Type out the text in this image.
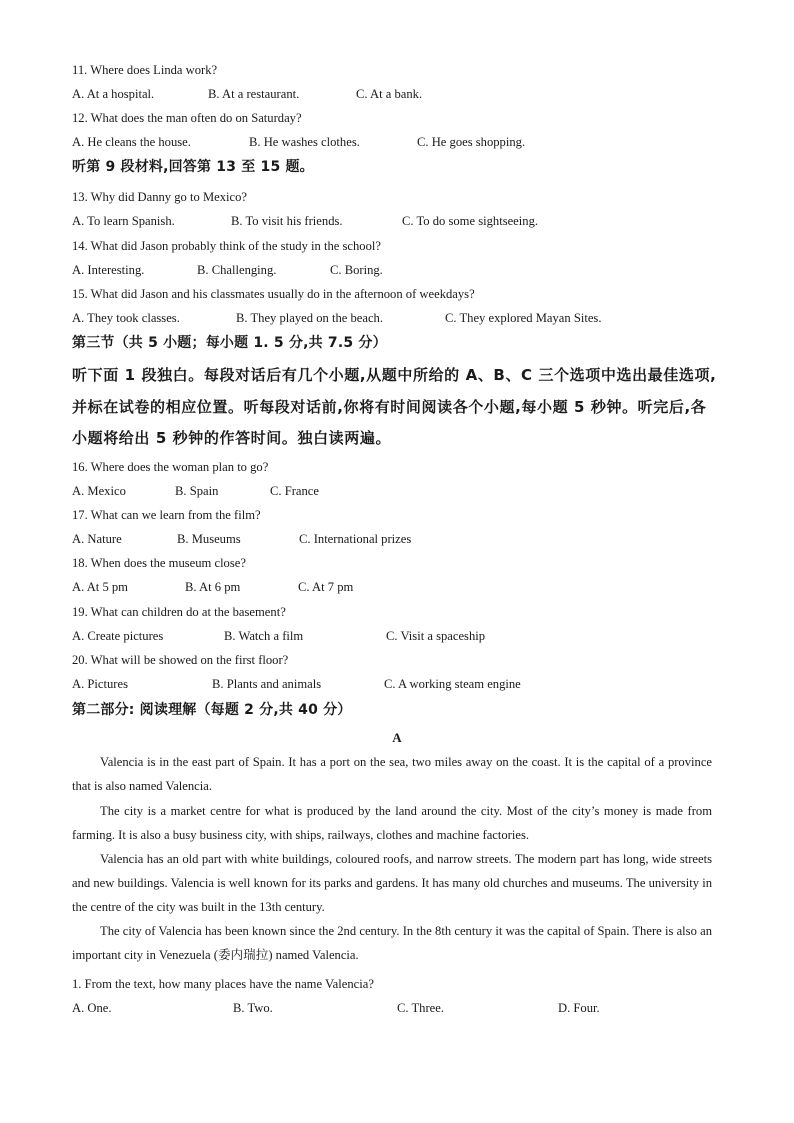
11. Where does Linda work?
A. At a hospital.	B. At a restaurant.	C. At a bank.
12. What does the man often do on Saturday?
A. He cleans the house.	B. He washes clothes.	C. He goes shopping.
听第 9 段材料,回答第 13 至 15 题。
13. Why did Danny go to Mexico?
A. To learn Spanish.	B. To visit his friends.	C. To do some sightseeing.
14. What did Jason probably think of the study in the school?
A. Interesting.	B. Challenging.	C. Boring.
15. What did Jason and his classmates usually do in the afternoon of weekdays?
A. They took classes.	B. They played on the beach.	C. They explored Mayan Sites.
第三节（共 5 小题；每小题 1. 5 分,共 7.5 分）
听下面 1 段独白。每段对话后有几个小题,从题中所给的 A、B、C 三个选项中选出最佳选项,
并标在试卷的相应位置。听每段对话前,你将有时间阅读各个小题,每小题 5 秒钟。听完后,各
小题将给出 5 秒钟的作答时间。独白读两遍。
16. Where does the woman plan to go?
A. Mexico	B. Spain	C. France
17. What can we learn from the film?
A. Nature	B. Museums	C. International prizes
18. When does the museum close?
A. At 5 pm	B. At 6 pm	C. At 7 pm
19. What can children do at the basement?
A. Create pictures	B. Watch a film	C. Visit a spaceship
20. What will be showed on the first floor?
A. Pictures	B. Plants and animals	C. A working steam engine
第二部分: 阅读理解（每题 2 分,共 40 分）
A
Valencia is in the east part of Spain. It has a port on the sea, two miles away on the coast. It is the capital of a province that is also named Valencia.
The city is a market centre for what is produced by the land around the city. Most of the city’s money is made from farming. It is also a busy business city, with ships, railways, clothes and machine factories.
Valencia has an old part with white buildings, coloured roofs, and narrow streets. The modern part has long, wide streets and new buildings. Valencia is well known for its parks and gardens. It has many old churches and museums. The university in the centre of the city was built in the 13th century.
The city of Valencia has been known since the 2nd century. In the 8th century it was the capital of Spain. There is also an important city in Venezuela (委内瑞拉) named Valencia.
1. From the text, how many places have the name Valencia?
A. One.	B. Two.	C. Three.	D. Four.
